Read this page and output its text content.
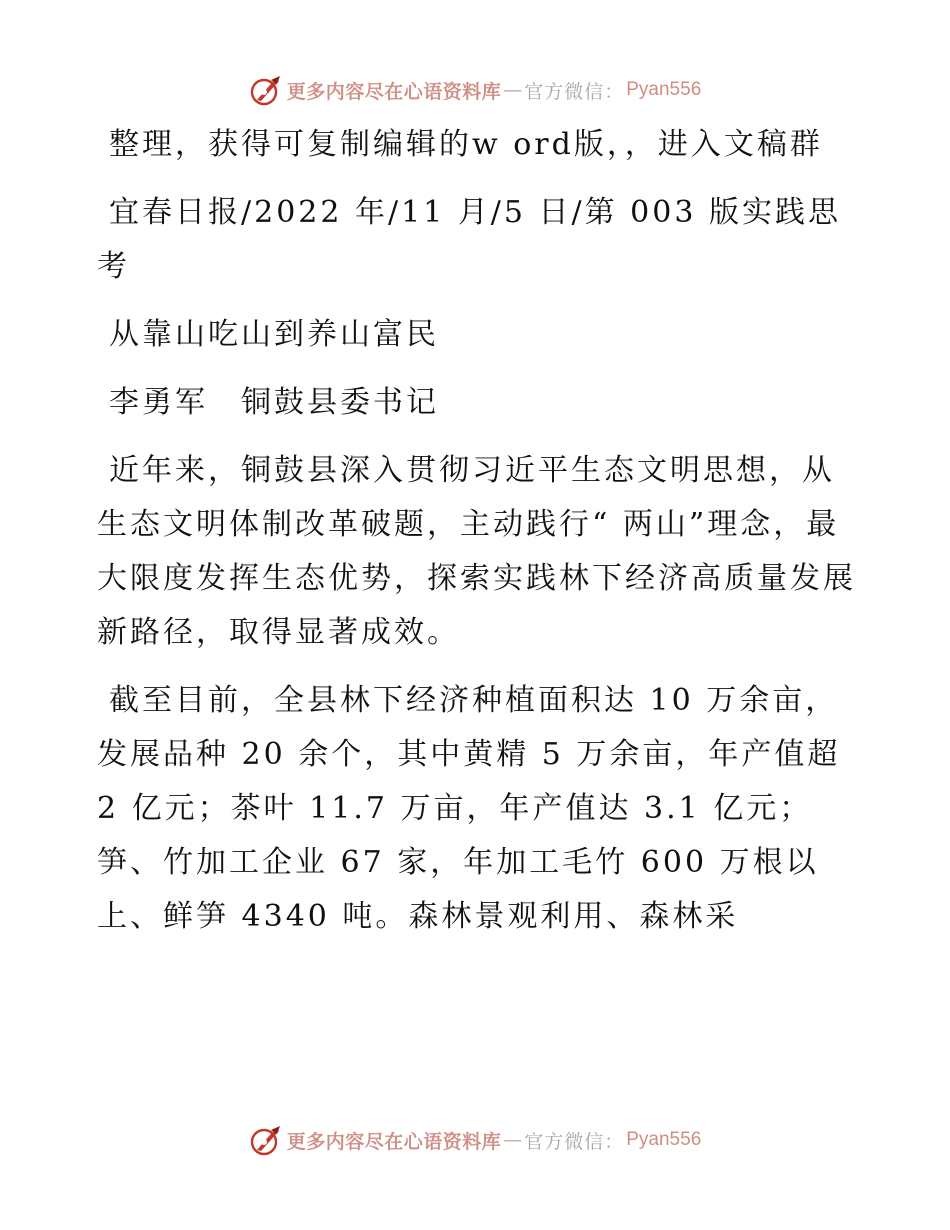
更多内容尽在心语资料库 — 官方微信： Pyan556

整理，获得可复制编辑的w ord版，，进入文稿群

宜春日报/2022 年/11 月/5 日/第 003 版实践思考

从靠山吃山到养山富民

李勇军　铜鼓县委书记

近年来，铜鼓县深入贯彻习近平生态文明思想，从生态文明体制改革破题，主动践行“ 两山”理念，最大限度发挥生态优势，探索实践林下经济高质量发展新路径，取得显著成效。

截至目前，全县林下经济种植面积达 10 万余亩，发展品种 20 余个，其中黄精 5 万余亩，年产值超 2 亿元；茶叶 11.7 万亩，年产值达 3.1 亿元；笋、竹加工企业 67 家，年加工毛竹 600 万根以上、鲜笋 4340 吨。森林景观利用、森林采

更多内容尽在心语资料库 — 官方微信： Pyan556
